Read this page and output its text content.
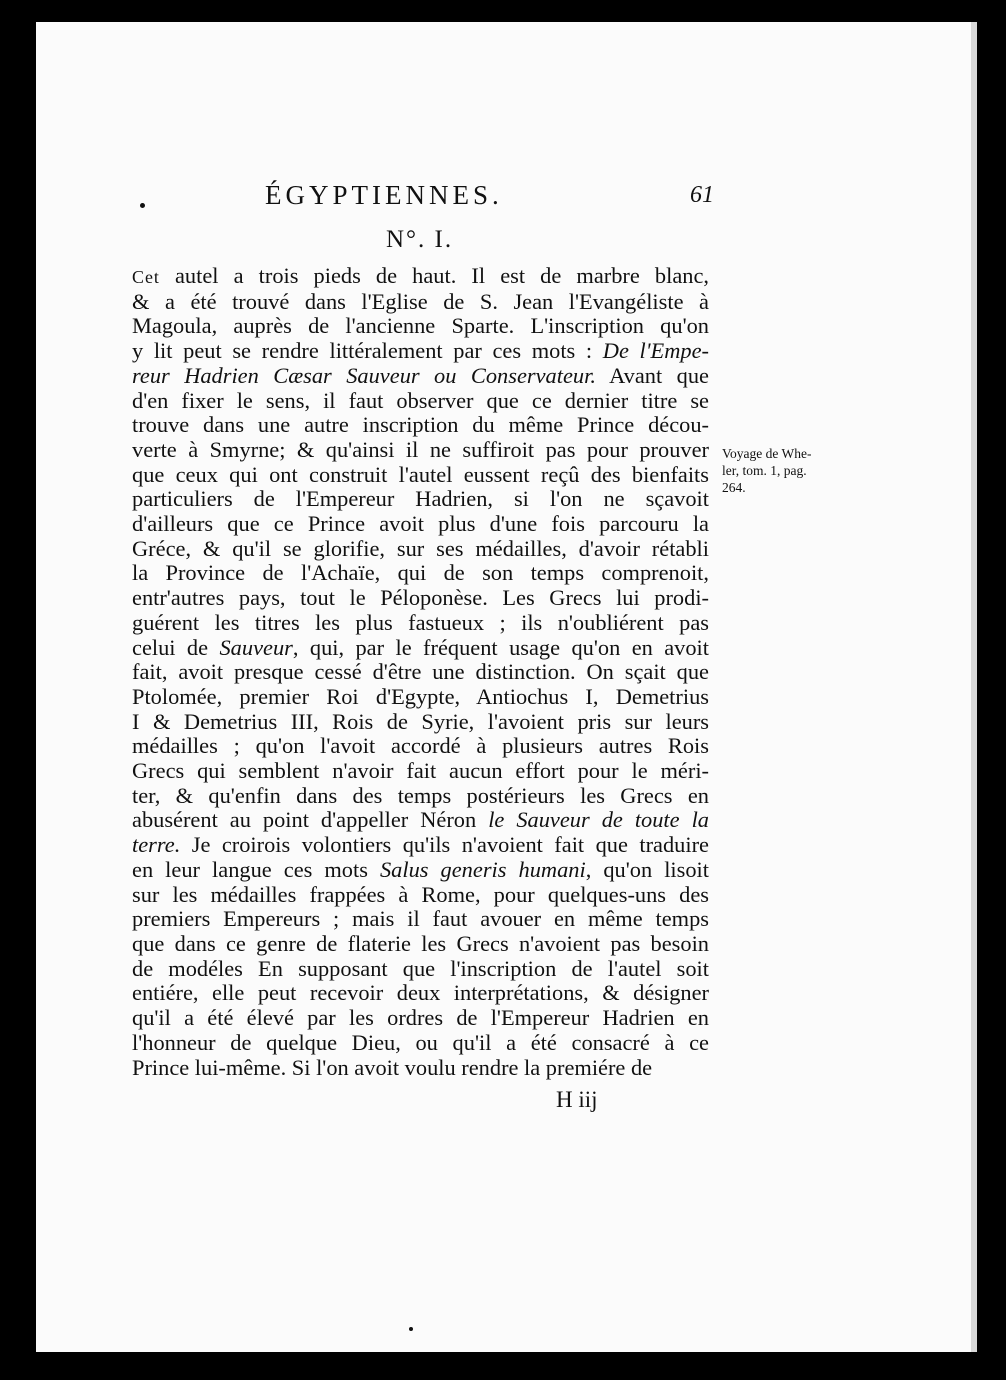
ÉGYPTIENNES.	61
N°. I.
Cet autel a trois pieds de haut. Il est de marbre blanc,
& a été trouvé dans l'Eglise de S. Jean l'Evangéliste à
Magoula, auprès de l'ancienne Sparte. L'inscription qu'on
y lit peut se rendre littéralement par ces mots : De l'Empe-
reur Hadrien Cæsar Sauveur ou Conservateur. Avant que
d'en fixer le sens, il faut observer que ce dernier titre se
trouve dans une autre inscription du même Prince décou-
verte à Smyrne; & qu'ainsi il ne suffiroit pas pour prouver
que ceux qui ont construit l'autel eussent reçû des bienfaits
particuliers de l'Empereur Hadrien, si l'on ne sçavoit
d'ailleurs que ce Prince avoit plus d'une fois parcouru la
Gréce, & qu'il se glorifie, sur ses médailles, d'avoir rétabli
la Province de l'Achaïe, qui de son temps comprenoit,
entr'autres pays, tout le Péloponèse. Les Grecs lui prodi-
guérent les titres les plus fastueux ; ils n'oubliérent pas
celui de Sauveur, qui, par le fréquent usage qu'on en avoit
fait, avoit presque cessé d'être une distinction. On sçait que
Ptolomée, premier Roi d'Egypte, Antiochus I, Demetrius
I & Demetrius III, Rois de Syrie, l'avoient pris sur leurs
médailles ; qu'on l'avoit accordé à plusieurs autres Rois
Grecs qui semblent n'avoir fait aucun effort pour le méri-
ter, & qu'enfin dans des temps postérieurs les Grecs en
abusérent au point d'appeller Néron le Sauveur de toute la
terre. Je croirois volontiers qu'ils n'avoient fait que traduire
en leur langue ces mots Salus generis humani, qu'on lisoit
sur les médailles frappées à Rome, pour quelques-uns des
premiers Empereurs ; mais il faut avouer en même temps
que dans ce genre de flaterie les Grecs n'avoient pas besoin
de modéles En supposant que l'inscription de l'autel soit
entiére, elle peut recevoir deux interprétations, & désigner
qu'il a été élevé par les ordres de l'Empereur Hadrien en
l'honneur de quelque Dieu, ou qu'il a été consacré à ce
Prince lui-même. Si l'on avoit voulu rendre la premiére de
Voyage de Whe-
ler, tom. 1, pag.
264.
H iij
